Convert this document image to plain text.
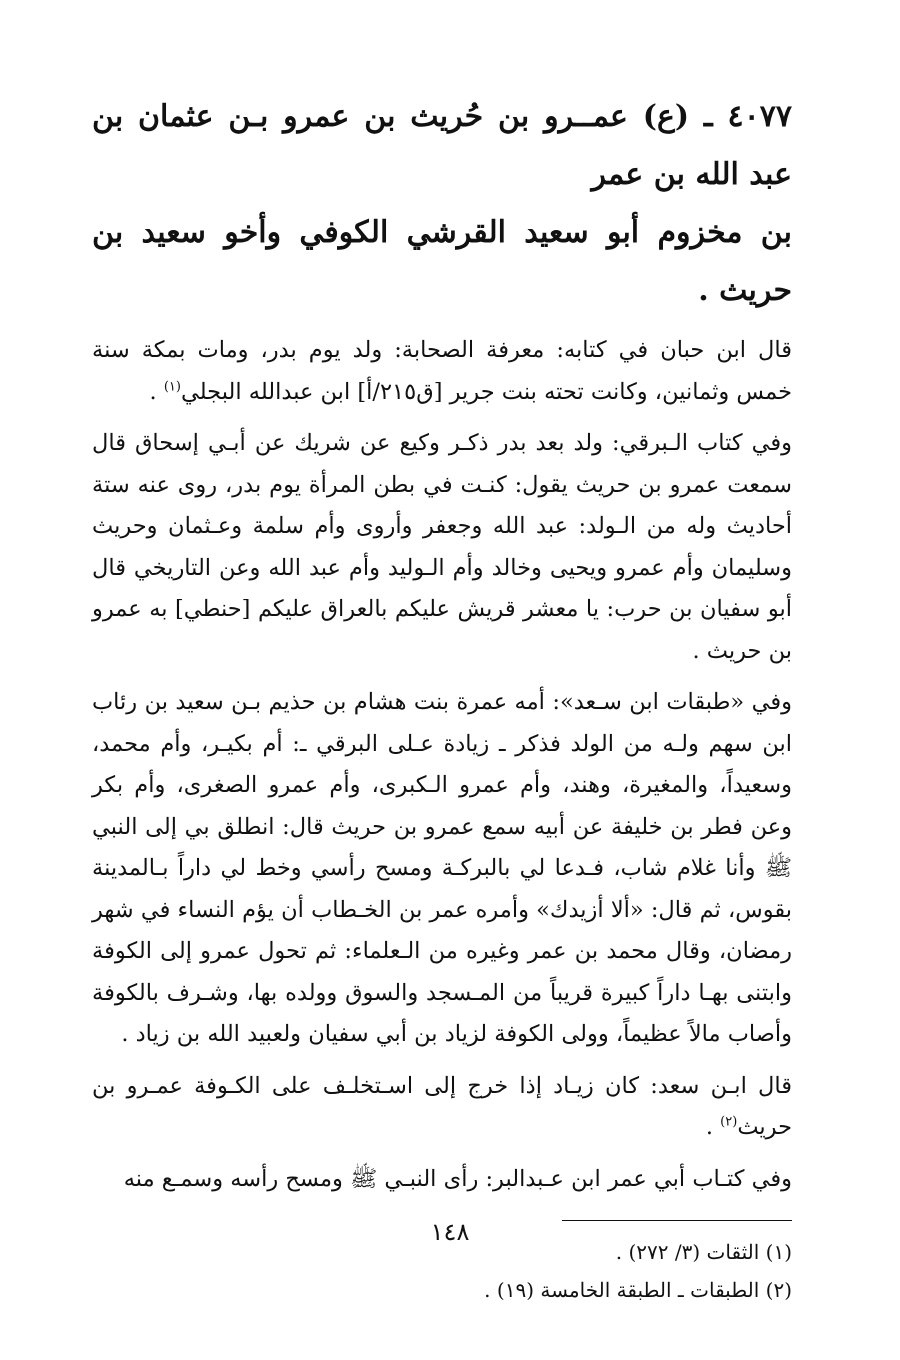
٤٠٧٧ ـ (ع) عمــرو بن حُريث بن عمرو بـن عثمان بن عبد الله بن عمر
بن مخزوم أبو سعيد القرشي الكوفي وأخو سعيد بن حريث .

قال ابن حبان في كتابه: معرفة الصحابة: ولد يوم بدر، ومات بمكة سنة خمس وثمانين، وكانت تحته بنت جرير [ق٢١٥/أ] ابن عبدالله البجلي$^{(١)}$ .

وفي كتاب الـبرقي: ولد بعد بدر ذكـر وكيع عن شريك عن أبـي إسحاق قال سمعت عمرو بن حريث يقول: كنـت في بطن المرأة يوم بدر، روى عنه ستة أحاديث وله من الـولد: عبد الله وجعفر وأروى وأم سلمة وعـثمان وحريث وسليمان وأم عمرو ويحيى وخالد وأم الـوليد وأم عبد الله وعن التاريخي قال أبو سفيان بن حرب: يا معشر قريش عليكم بالعراق عليكم [حنطي] به عمرو بن حريث .

وفي «طبقات ابن سـعد»: أمه عمرة بنت هشام بن حذيم بـن سعيد بن رئاب ابن سهم ولـه من الولد فذكر ـ زيادة عـلى البرقي ـ: أم بكيـر، وأم محمد، وسعيداً، والمغيرة، وهند، وأم عمرو الـكبرى، وأم عمرو الصغرى، وأم بكر وعن فطر بن خليفة عن أبيه سمع عمرو بن حريث قال: انطلق بي إلى النبي ﷺ وأنا غلام شاب، فـدعا لي بالبركـة ومسح رأسي وخط لي داراً بـالمدينة بقوس، ثم قال: «ألا أزيدك» وأمره عمر بن الخـطاب أن يؤم النساء في شهر رمضان، وقال محمد بن عمر وغيره من الـعلماء: ثم تحول عمرو إلى الكوفة وابتنى بهـا داراً كبيرة قريباً من المـسجد والسوق وولده بها، وشـرف بالكوفة وأصاب مالاً عظيماً، وولى الكوفة لزياد بن أبي سفيان ولعبيد الله بن زياد .

قال ابـن سعد: كان زيـاد إذا خرج إلى اسـتخلـف على الكـوفة عمـرو بن حريث$^{(٢)}$ .

وفي كتـاب أبي عمر ابن عـبدالبر: رأى النبـي ﷺ ومسح رأسه وسمـع منه

(١) الثقات (٣/ ٢٧٢) .

(٢) الطبقات ـ الطبقة الخامسة (١٩) .

١٤٨
